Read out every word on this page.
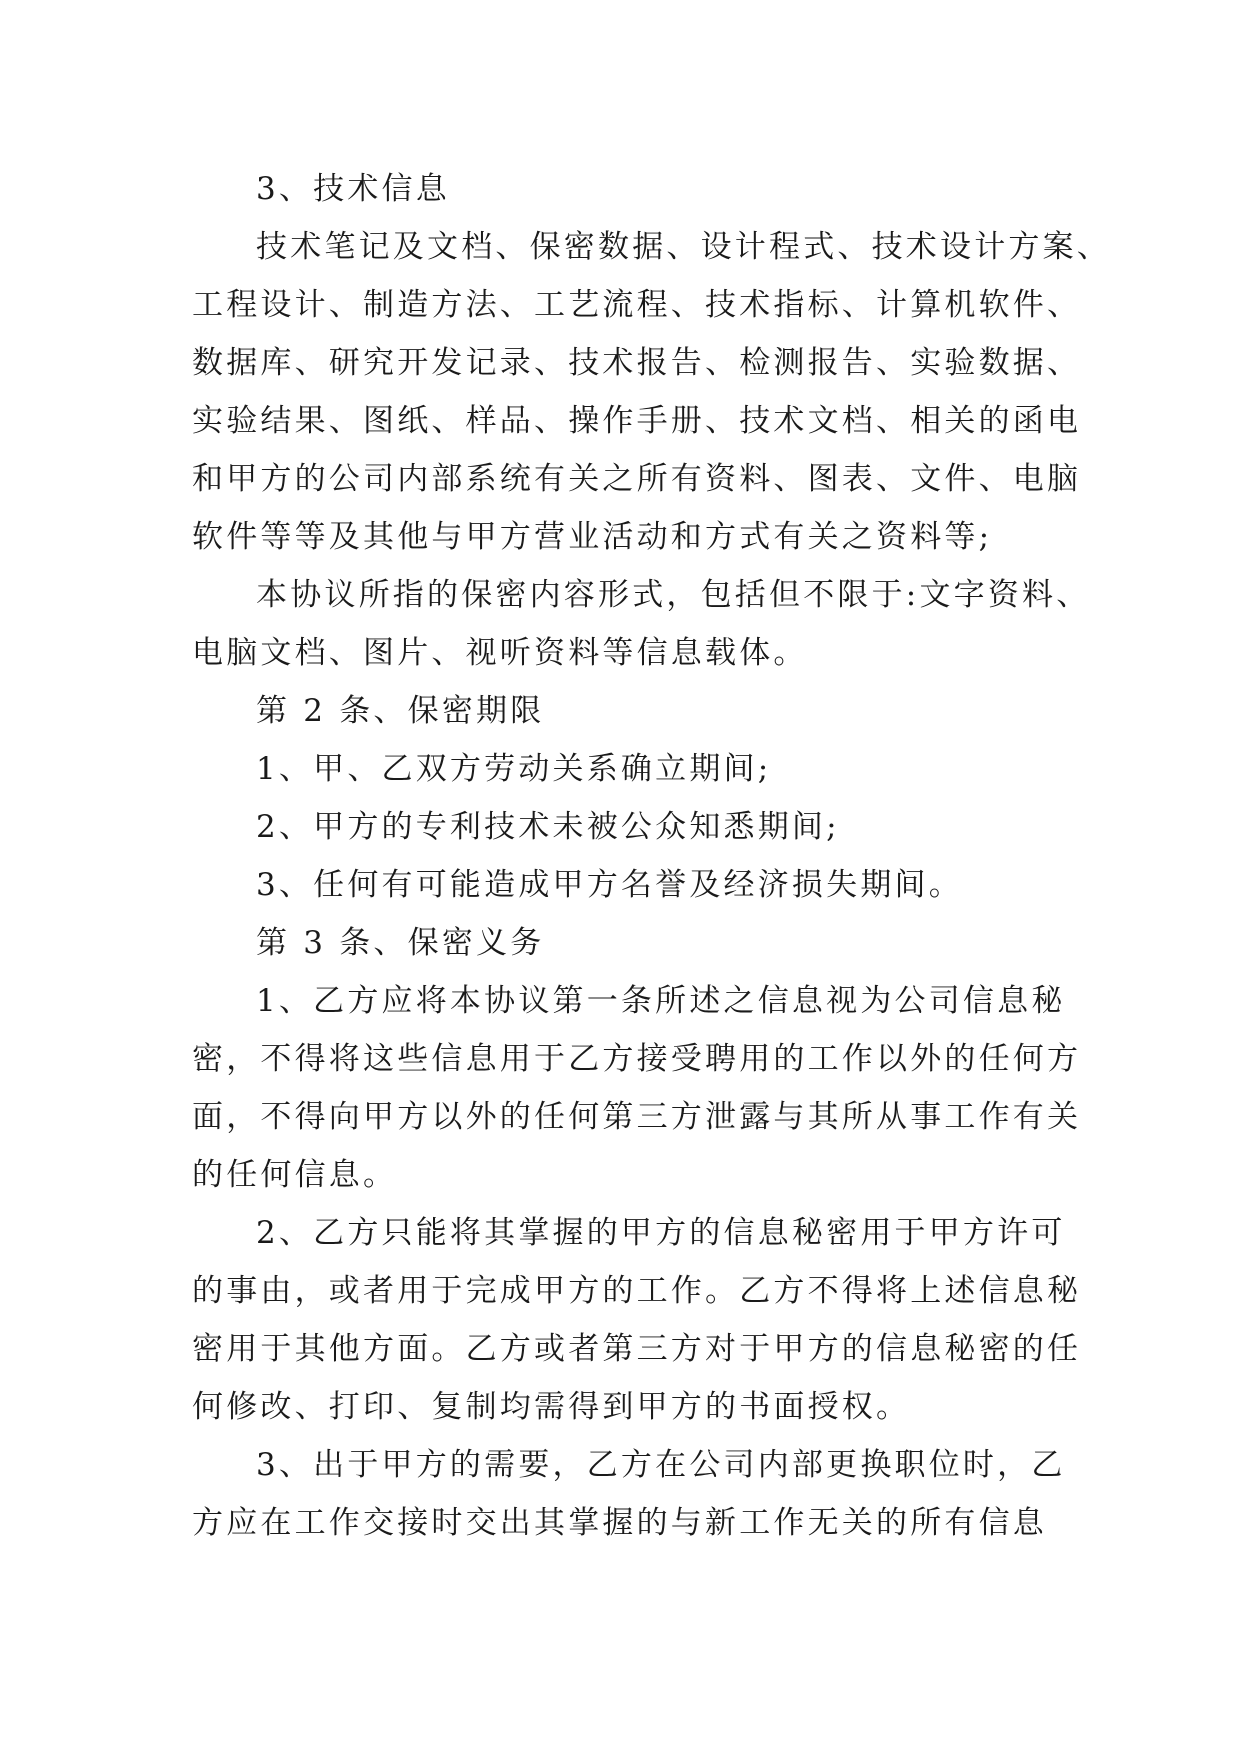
3、技术信息
技术笔记及文档、保密数据、设计程式、技术设计方案、
工程设计、制造方法、工艺流程、技术指标、计算机软件、
数据库、研究开发记录、技术报告、检测报告、实验数据、
实验结果、图纸、样品、操作手册、技术文档、相关的函电
和甲方的公司内部系统有关之所有资料、图表、文件、电脑
软件等等及其他与甲方营业活动和方式有关之资料等;
本协议所指的保密内容形式，包括但不限于:文字资料、
电脑文档、图片、视听资料等信息载体。
第 2 条、保密期限
1、甲、乙双方劳动关系确立期间;
2、甲方的专利技术未被公众知悉期间;
3、任何有可能造成甲方名誉及经济损失期间。
第 3 条、保密义务
1、乙方应将本协议第一条所述之信息视为公司信息秘
密，不得将这些信息用于乙方接受聘用的工作以外的任何方
面，不得向甲方以外的任何第三方泄露与其所从事工作有关
的任何信息。
2、乙方只能将其掌握的甲方的信息秘密用于甲方许可
的事由，或者用于完成甲方的工作。乙方不得将上述信息秘
密用于其他方面。乙方或者第三方对于甲方的信息秘密的任
何修改、打印、复制均需得到甲方的书面授权。
3、出于甲方的需要，乙方在公司内部更换职位时，乙
方应在工作交接时交出其掌握的与新工作无关的所有信息
